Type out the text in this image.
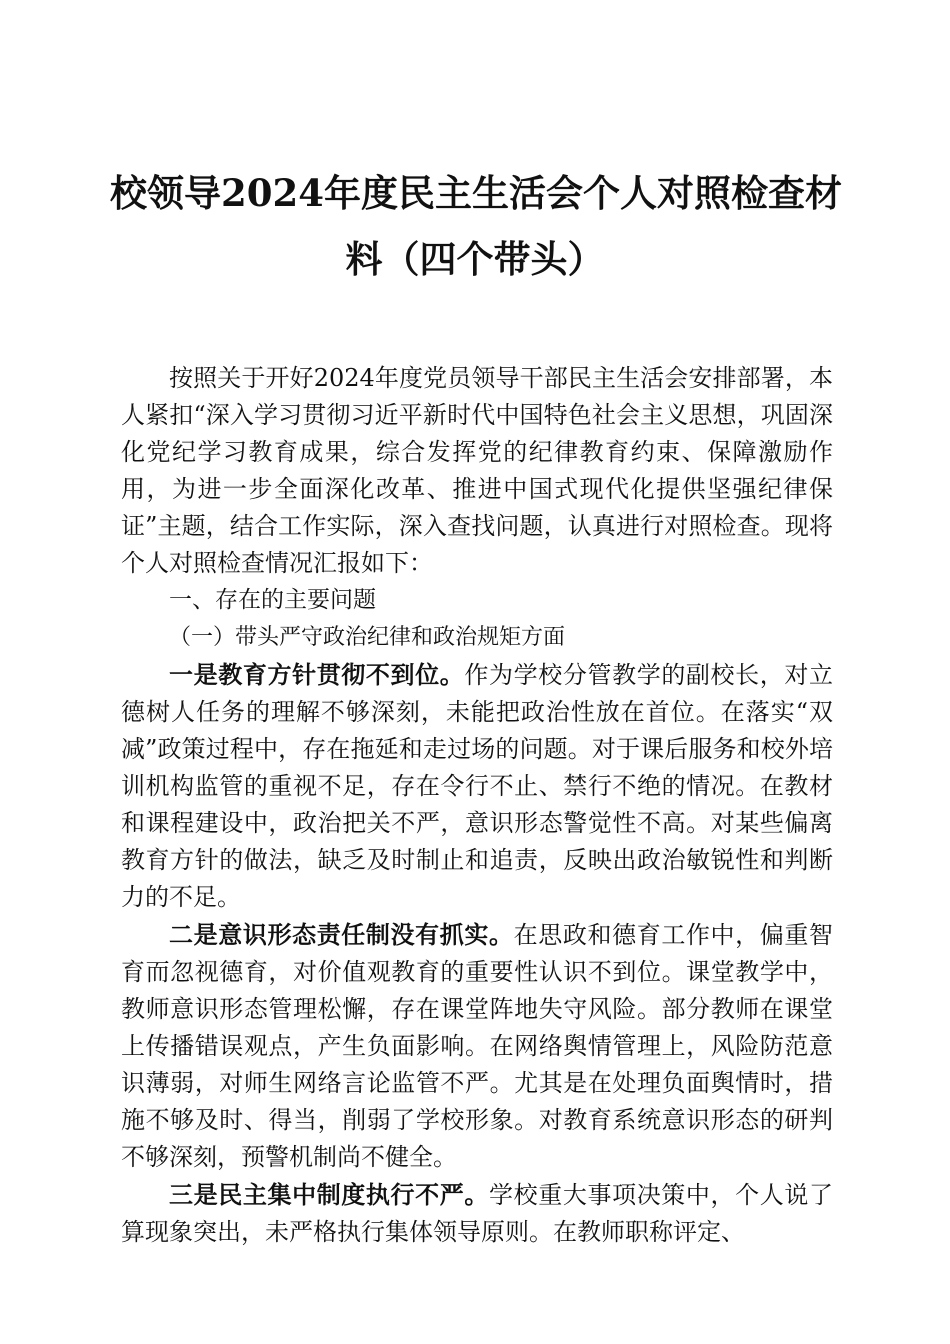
校领导2024年度民主生活会个人对照检查材
料（四个带头）

按照关于开好2024年度党员领导干部民主生活会安排部署，本人紧扣“深入学习贯彻习近平新时代中国特色社会主义思想，巩固深化党纪学习教育成果，综合发挥党的纪律教育约束、保障激励作用，为进一步全面深化改革、推进中国式现代化提供坚强纪律保证”主题，结合工作实际，深入查找问题，认真进行对照检查。现将个人对照检查情况汇报如下：

一、存在的主要问题

（一）带头严守政治纪律和政治规矩方面

一是教育方针贯彻不到位。作为学校分管教学的副校长，对立德树人任务的理解不够深刻，未能把政治性放在首位。在落实“双减”政策过程中，存在拖延和走过场的问题。对于课后服务和校外培训机构监管的重视不足，存在令行不止、禁行不绝的情况。在教材和课程建设中，政治把关不严，意识形态警觉性不高。对某些偏离教育方针的做法，缺乏及时制止和追责，反映出政治敏锐性和判断力的不足。

二是意识形态责任制没有抓实。在思政和德育工作中，偏重智育而忽视德育，对价值观教育的重要性认识不到位。课堂教学中，教师意识形态管理松懈，存在课堂阵地失守风险。部分教师在课堂上传播错误观点，产生负面影响。在网络舆情管理上，风险防范意识薄弱，对师生网络言论监管不严。尤其是在处理负面舆情时，措施不够及时、得当，削弱了学校形象。对教育系统意识形态的研判不够深刻，预警机制尚不健全。

三是民主集中制度执行不严。学校重大事项决策中，个人说了算现象突出，未严格执行集体领导原则。在教师职称评定、
